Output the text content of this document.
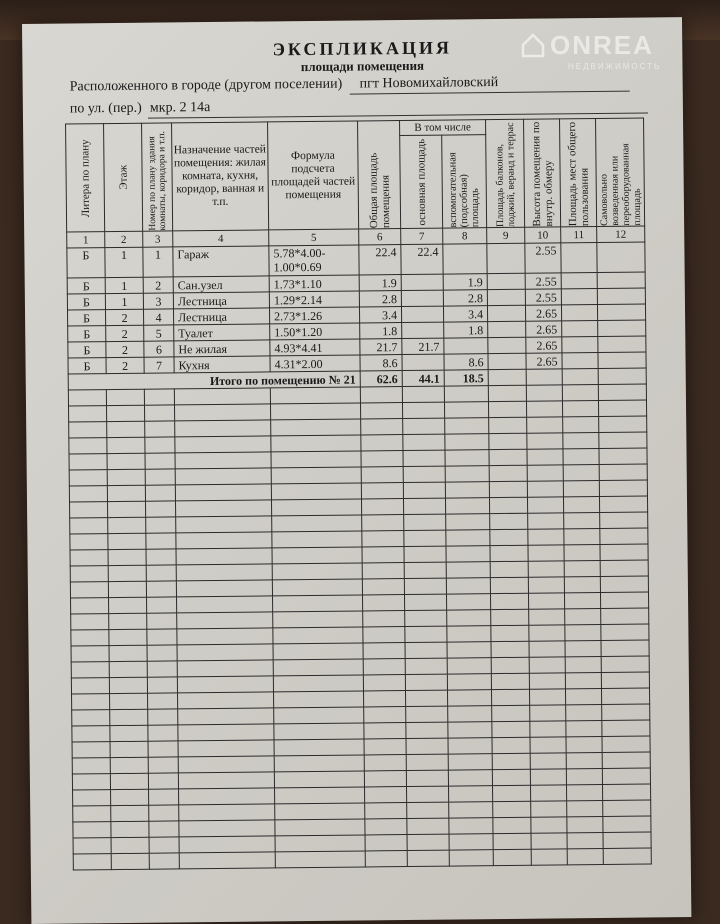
ЭКСПЛИКАЦИЯ
площади помещения
Расположенного в городе (другом поселении) пгт Новомихайловский
по ул. (пер.) мкр. 2 14а
Литера по плану	Этаж	Номер по плану здания комнаты, коридора и т.п.	Назначение частей помещения: жилая комната, кухня, коридор, ванная и т.п.	Формула подсчета площадей частей помещения	Общая площадь помещения	В том числе		Площадь балконов, лоджий, веранд и террас	Высота помещения по внутр. обмеру	Площадь мест общего пользования	Самовольно возведенная или переоборудованная площадь

						основная площадь	вспомогательная (подсобная) площадь				

1	2	3	4	5	6	7	8	9	10	11	12
Б	1	1	Гараж	5.78*4.00-1.00*0.69	22.4	22.4			2.55		
Б	1	2	Сан.узел	1.73*1.10	1.9		1.9		2.55		
Б	1	3	Лестница	1.29*2.14	2.8		2.8		2.55		
Б	2	4	Лестница	2.73*1.26	3.4		3.4		2.65		
Б	2	5	Туалет	1.50*1.20	1.8		1.8		2.65		
Б	2	6	Не жилая	4.93*4.41	21.7	21.7			2.65		
Б	2	7	Кухня	4.31*2.00	8.6		8.6		2.65		
Итого по помещению № 21					62.6	44.1	18.5				

ONREA
НЕДВИЖИМОСТЬ
